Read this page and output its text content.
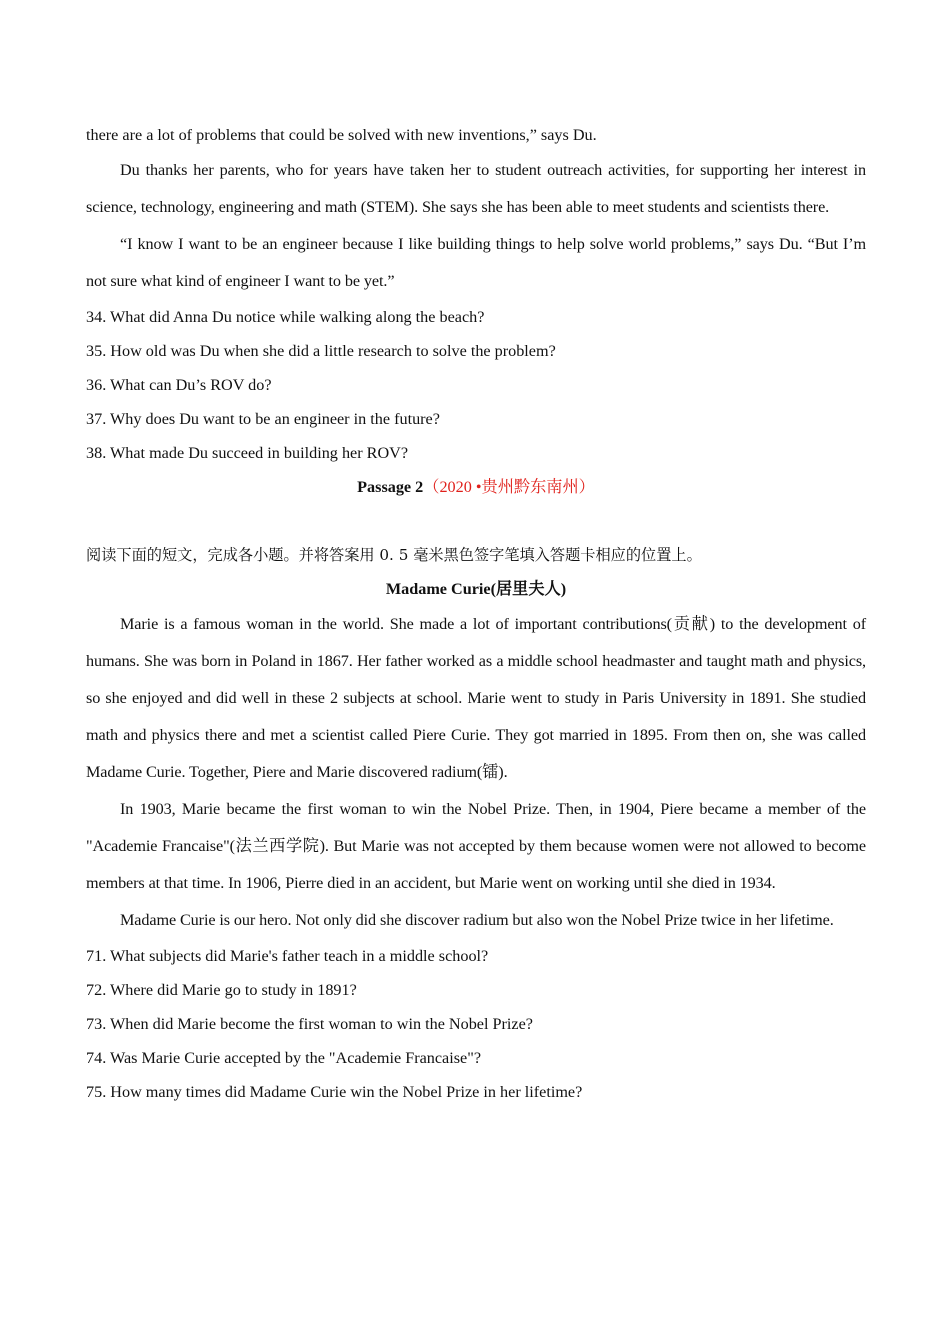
there are a lot of problems that could be solved with new inventions,” says Du.

Du thanks her parents, who for years have taken her to student outreach activities, for supporting her interest in science, technology, engineering and math (STEM). She says she has been able to meet students and scientists there.

“I know I want to be an engineer because I like building things to help solve world problems,” says Du. “But I’m not sure what kind of engineer I want to be yet.”

34. What did Anna Du notice while walking along the beach?

35. How old was Du when she did a little research to solve the problem?

36. What can Du’s ROV do?

37. Why does Du want to be an engineer in the future?

38. What made Du succeed in building her ROV?

Passage 2（2020 •贵州黔东南州）

阅读下面的短文，完成各小题。并将答案用 0. 5 毫米黑色签字笔填入答题卡相应的位置上。

Madame Curie(居里夫人)

Marie is a famous woman in the world. She made a lot of important contributions(贡献) to the development of humans. She was born in Poland in 1867. Her father worked as a middle school headmaster and taught math and physics, so she enjoyed and did well in these 2 subjects at school. Marie went to study in Paris University in 1891. She studied math and physics there and met a scientist called Piere Curie. They got married in 1895. From then on, she was called Madame Curie. Together, Piere and Marie discovered radium(镭).

In 1903, Marie became the first woman to win the Nobel Prize. Then, in 1904, Piere became a member of the "Academie Francaise"(法兰西学院). But Marie was not accepted by them because women were not allowed to become members at that time. In 1906, Pierre died in an accident, but Marie went on working until she died in 1934.

Madame Curie is our hero. Not only did she discover radium but also won the Nobel Prize twice in her lifetime.

71. What subjects did Marie's father teach in a middle school?

72. Where did Marie go to study in 1891?

73. When did Marie become the first woman to win the Nobel Prize?

74. Was Marie Curie accepted by the "Academie Francaise"?

75. How many times did Madame Curie win the Nobel Prize in her lifetime?
